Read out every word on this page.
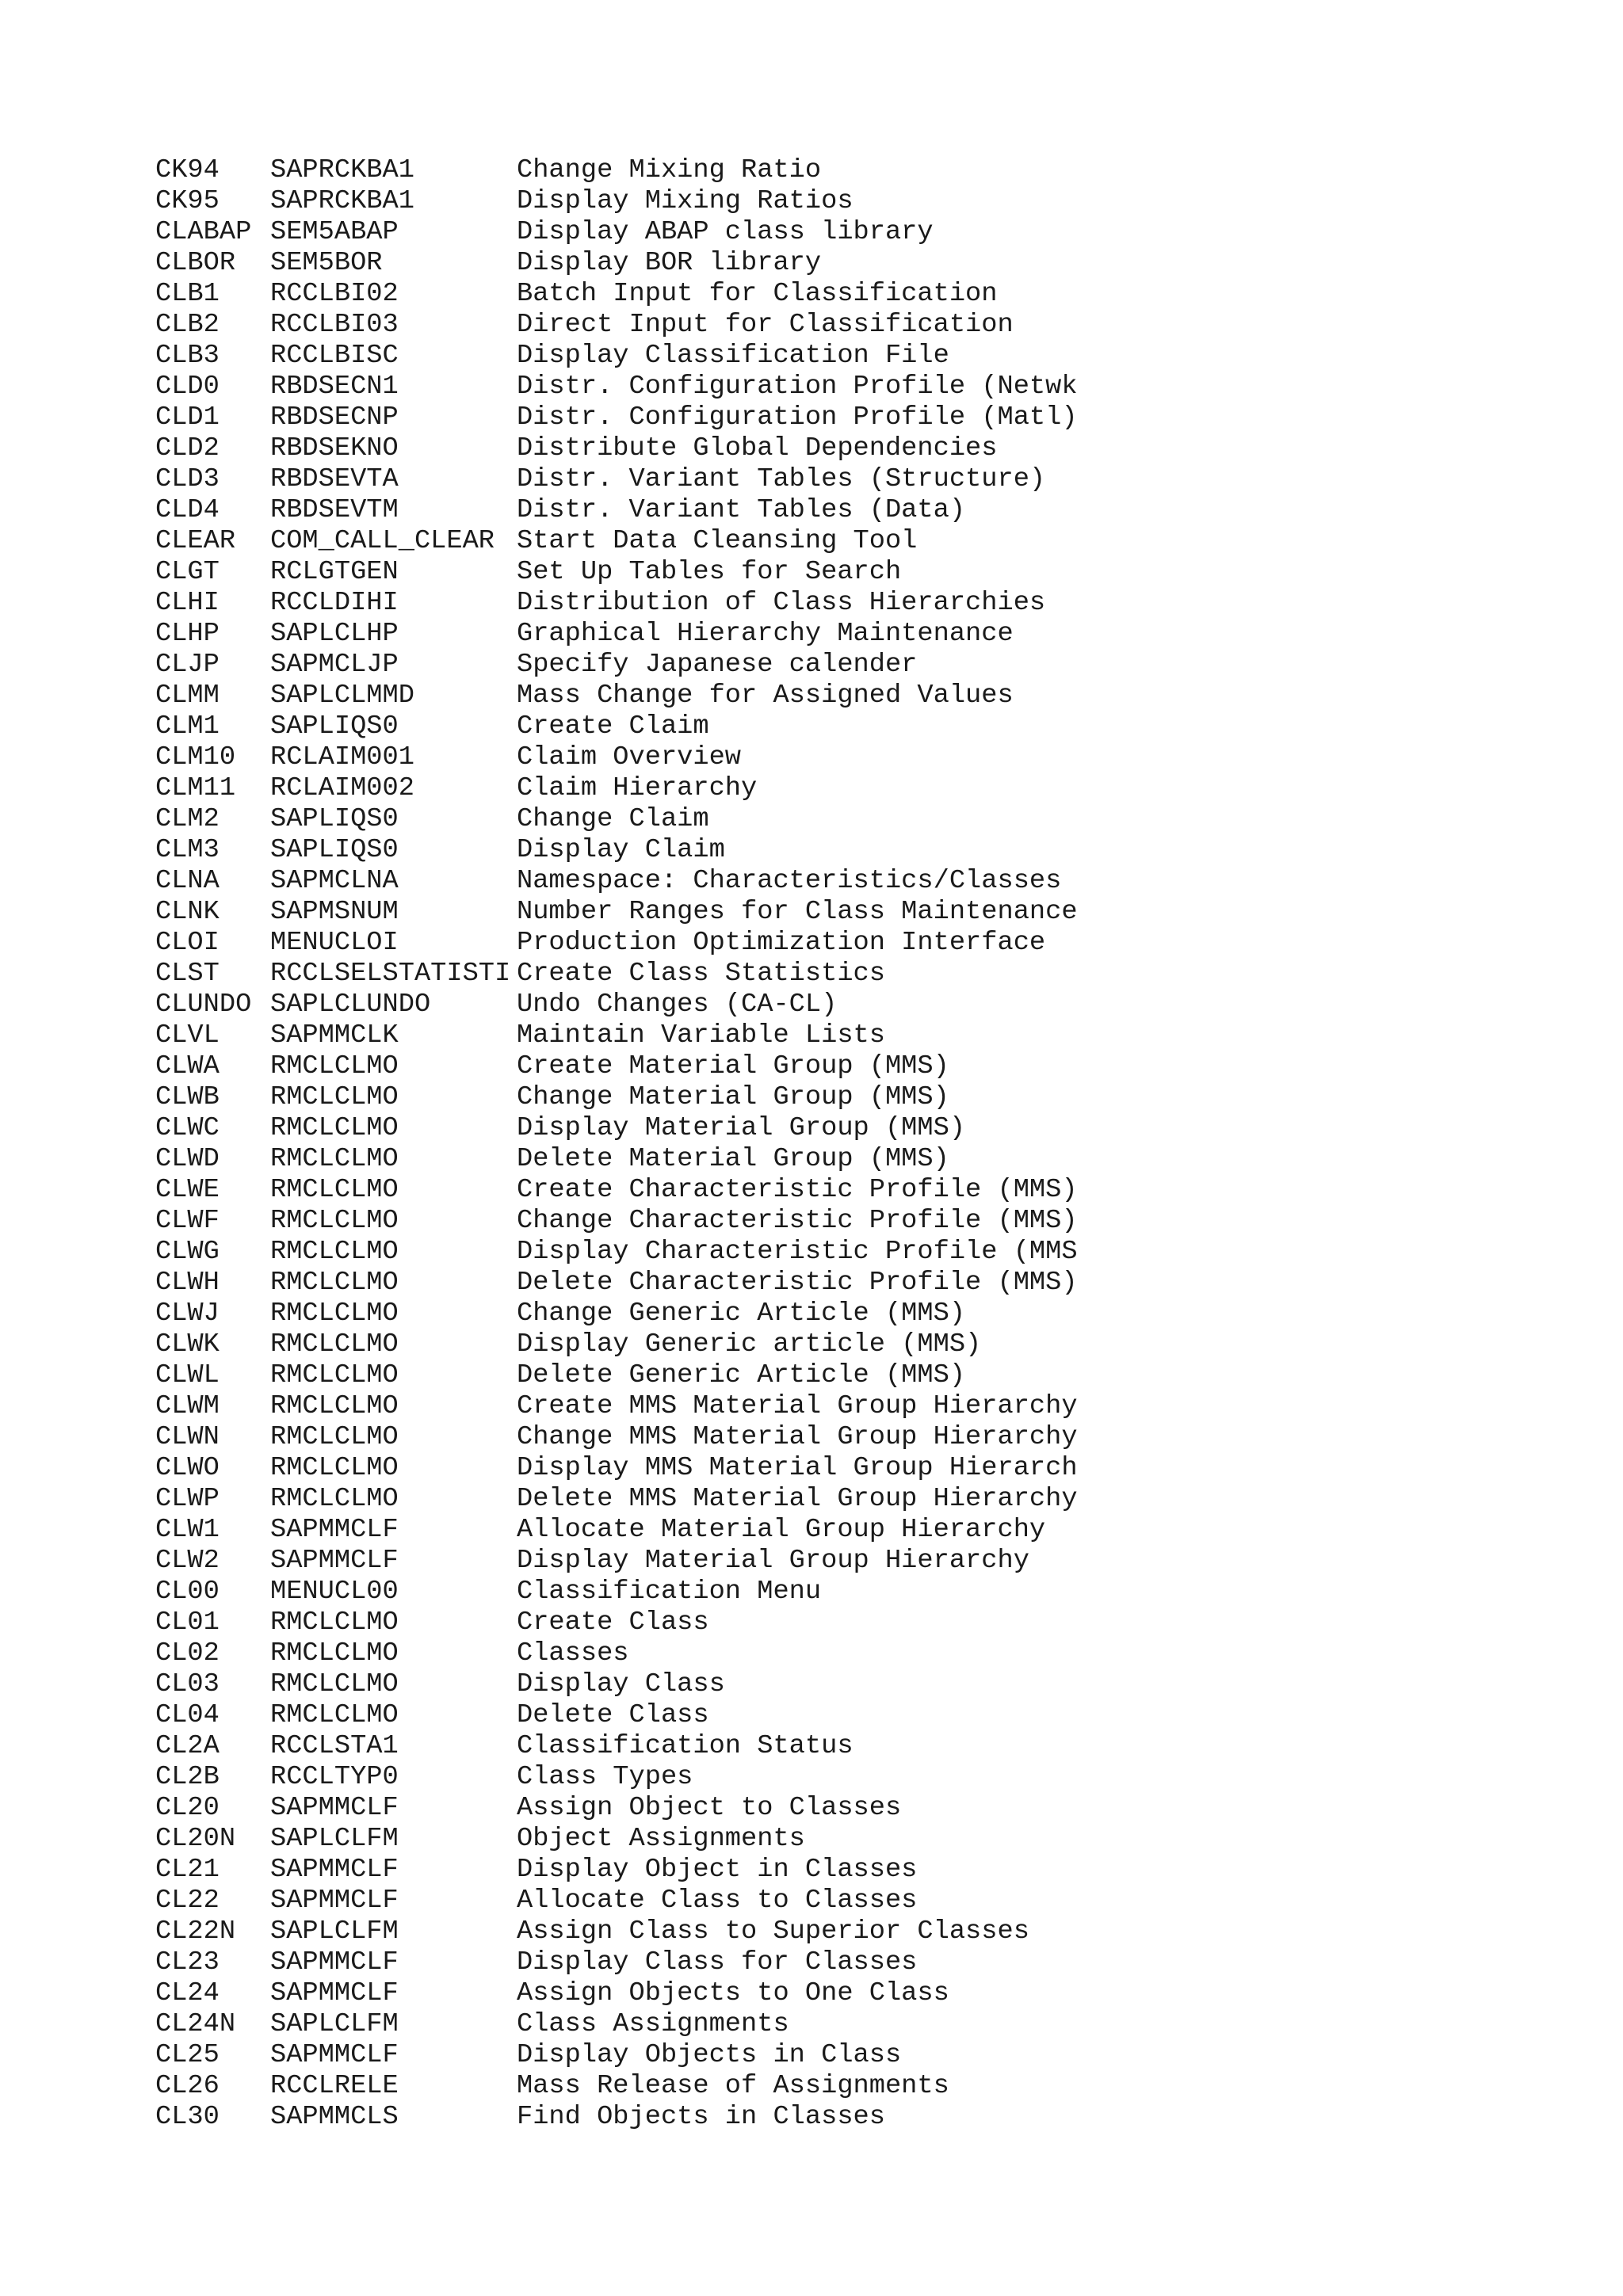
CK94 SAPRCKBA1	Change Mixing Ratio
CK95 SAPRCKBA1	Display Mixing Ratios
CLABAP SEM5ABAP	Display ABAP class library
CLBOR SEM5BOR	Display BOR library
CLB1 RCCLBI02	Batch Input for Classification
CLB2 RCCLBI03	Direct Input for Classification
CLB3 RCCLBISC	Display Classification File
CLD0 RBDSECN1	Distr. Configuration Profile (Netwk
CLD1 RBDSECNP	Distr. Configuration Profile (Matl)
CLD2 RBDSEKNO	Distribute Global Dependencies
CLD3 RBDSEVTA	Distr. Variant Tables (Structure)
CLD4 RBDSEVTM	Distr. Variant Tables (Data)
CLEAR COM_CALL_CLEAR Start Data Cleansing Tool
CLGT RCLGTGEN	Set Up Tables for Search
CLHI RCCLDIHI	Distribution of Class Hierarchies
CLHP SAPLCLHP	Graphical Hierarchy Maintenance
CLJP SAPMCLJP	Specify Japanese calender
CLMM SAPLCLMMD	Mass Change for Assigned Values
CLM1 SAPLIQS0	Create Claim
CLM10 RCLAIM001	Claim Overview
CLM11 RCLAIM002	Claim Hierarchy
CLM2 SAPLIQS0	Change Claim
CLM3 SAPLIQS0	Display Claim
CLNA SAPMCLNA	Namespace: Characteristics/Classes
CLNK SAPMSNUM	Number Ranges for Class Maintenance
CLOI MENUCLOI	Production Optimization Interface
CLST RCCLSELSTATISTI Create Class Statistics
CLUNDO SAPLCLUNDO	Undo Changes (CA-CL)
CLVL SAPMMCLK	Maintain Variable Lists
CLWA RMCLCLMO	Create Material Group (MMS)
CLWB RMCLCLMO	Change Material Group (MMS)
CLWC RMCLCLMO	Display Material Group (MMS)
CLWD RMCLCLMO	Delete Material Group (MMS)
CLWE RMCLCLMO	Create Characteristic Profile (MMS)
CLWF RMCLCLMO	Change Characteristic Profile (MMS)
CLWG RMCLCLMO	Display Characteristic Profile (MMS
CLWH RMCLCLMO	Delete Characteristic Profile (MMS)
CLWJ RMCLCLMO	Change Generic Article (MMS)
CLWK RMCLCLMO	Display Generic article (MMS)
CLWL RMCLCLMO	Delete Generic Article (MMS)
CLWM RMCLCLMO	Create MMS Material Group Hierarchy
CLWN RMCLCLMO	Change MMS Material Group Hierarchy
CLWO RMCLCLMO	Display MMS Material Group Hierarch
CLWP RMCLCLMO	Delete MMS Material Group Hierarchy
CLW1 SAPMMCLF	Allocate Material Group Hierarchy
CLW2 SAPMMCLF	Display Material Group Hierarchy
CL00 MENUCL00	Classification Menu
CL01 RMCLCLMO	Create Class
CL02 RMCLCLMO	Classes
CL03 RMCLCLMO	Display Class
CL04 RMCLCLMO	Delete Class
CL2A RCCLSTA1	Classification Status
CL2B RCCLTYP0	Class Types
CL20 SAPMMCLF	Assign Object to Classes
CL20N SAPLCLFM	Object Assignments
CL21 SAPMMCLF	Display Object in Classes
CL22 SAPMMCLF	Allocate Class to Classes
CL22N SAPLCLFM	Assign Class to Superior Classes
CL23 SAPMMCLF	Display Class for Classes
CL24 SAPMMCLF	Assign Objects to One Class
CL24N SAPLCLFM	Class Assignments
CL25 SAPMMCLF	Display Objects in Class
CL26 RCCLRELE	Mass Release of Assignments
CL30 SAPMMCLS	Find Objects in Classes
